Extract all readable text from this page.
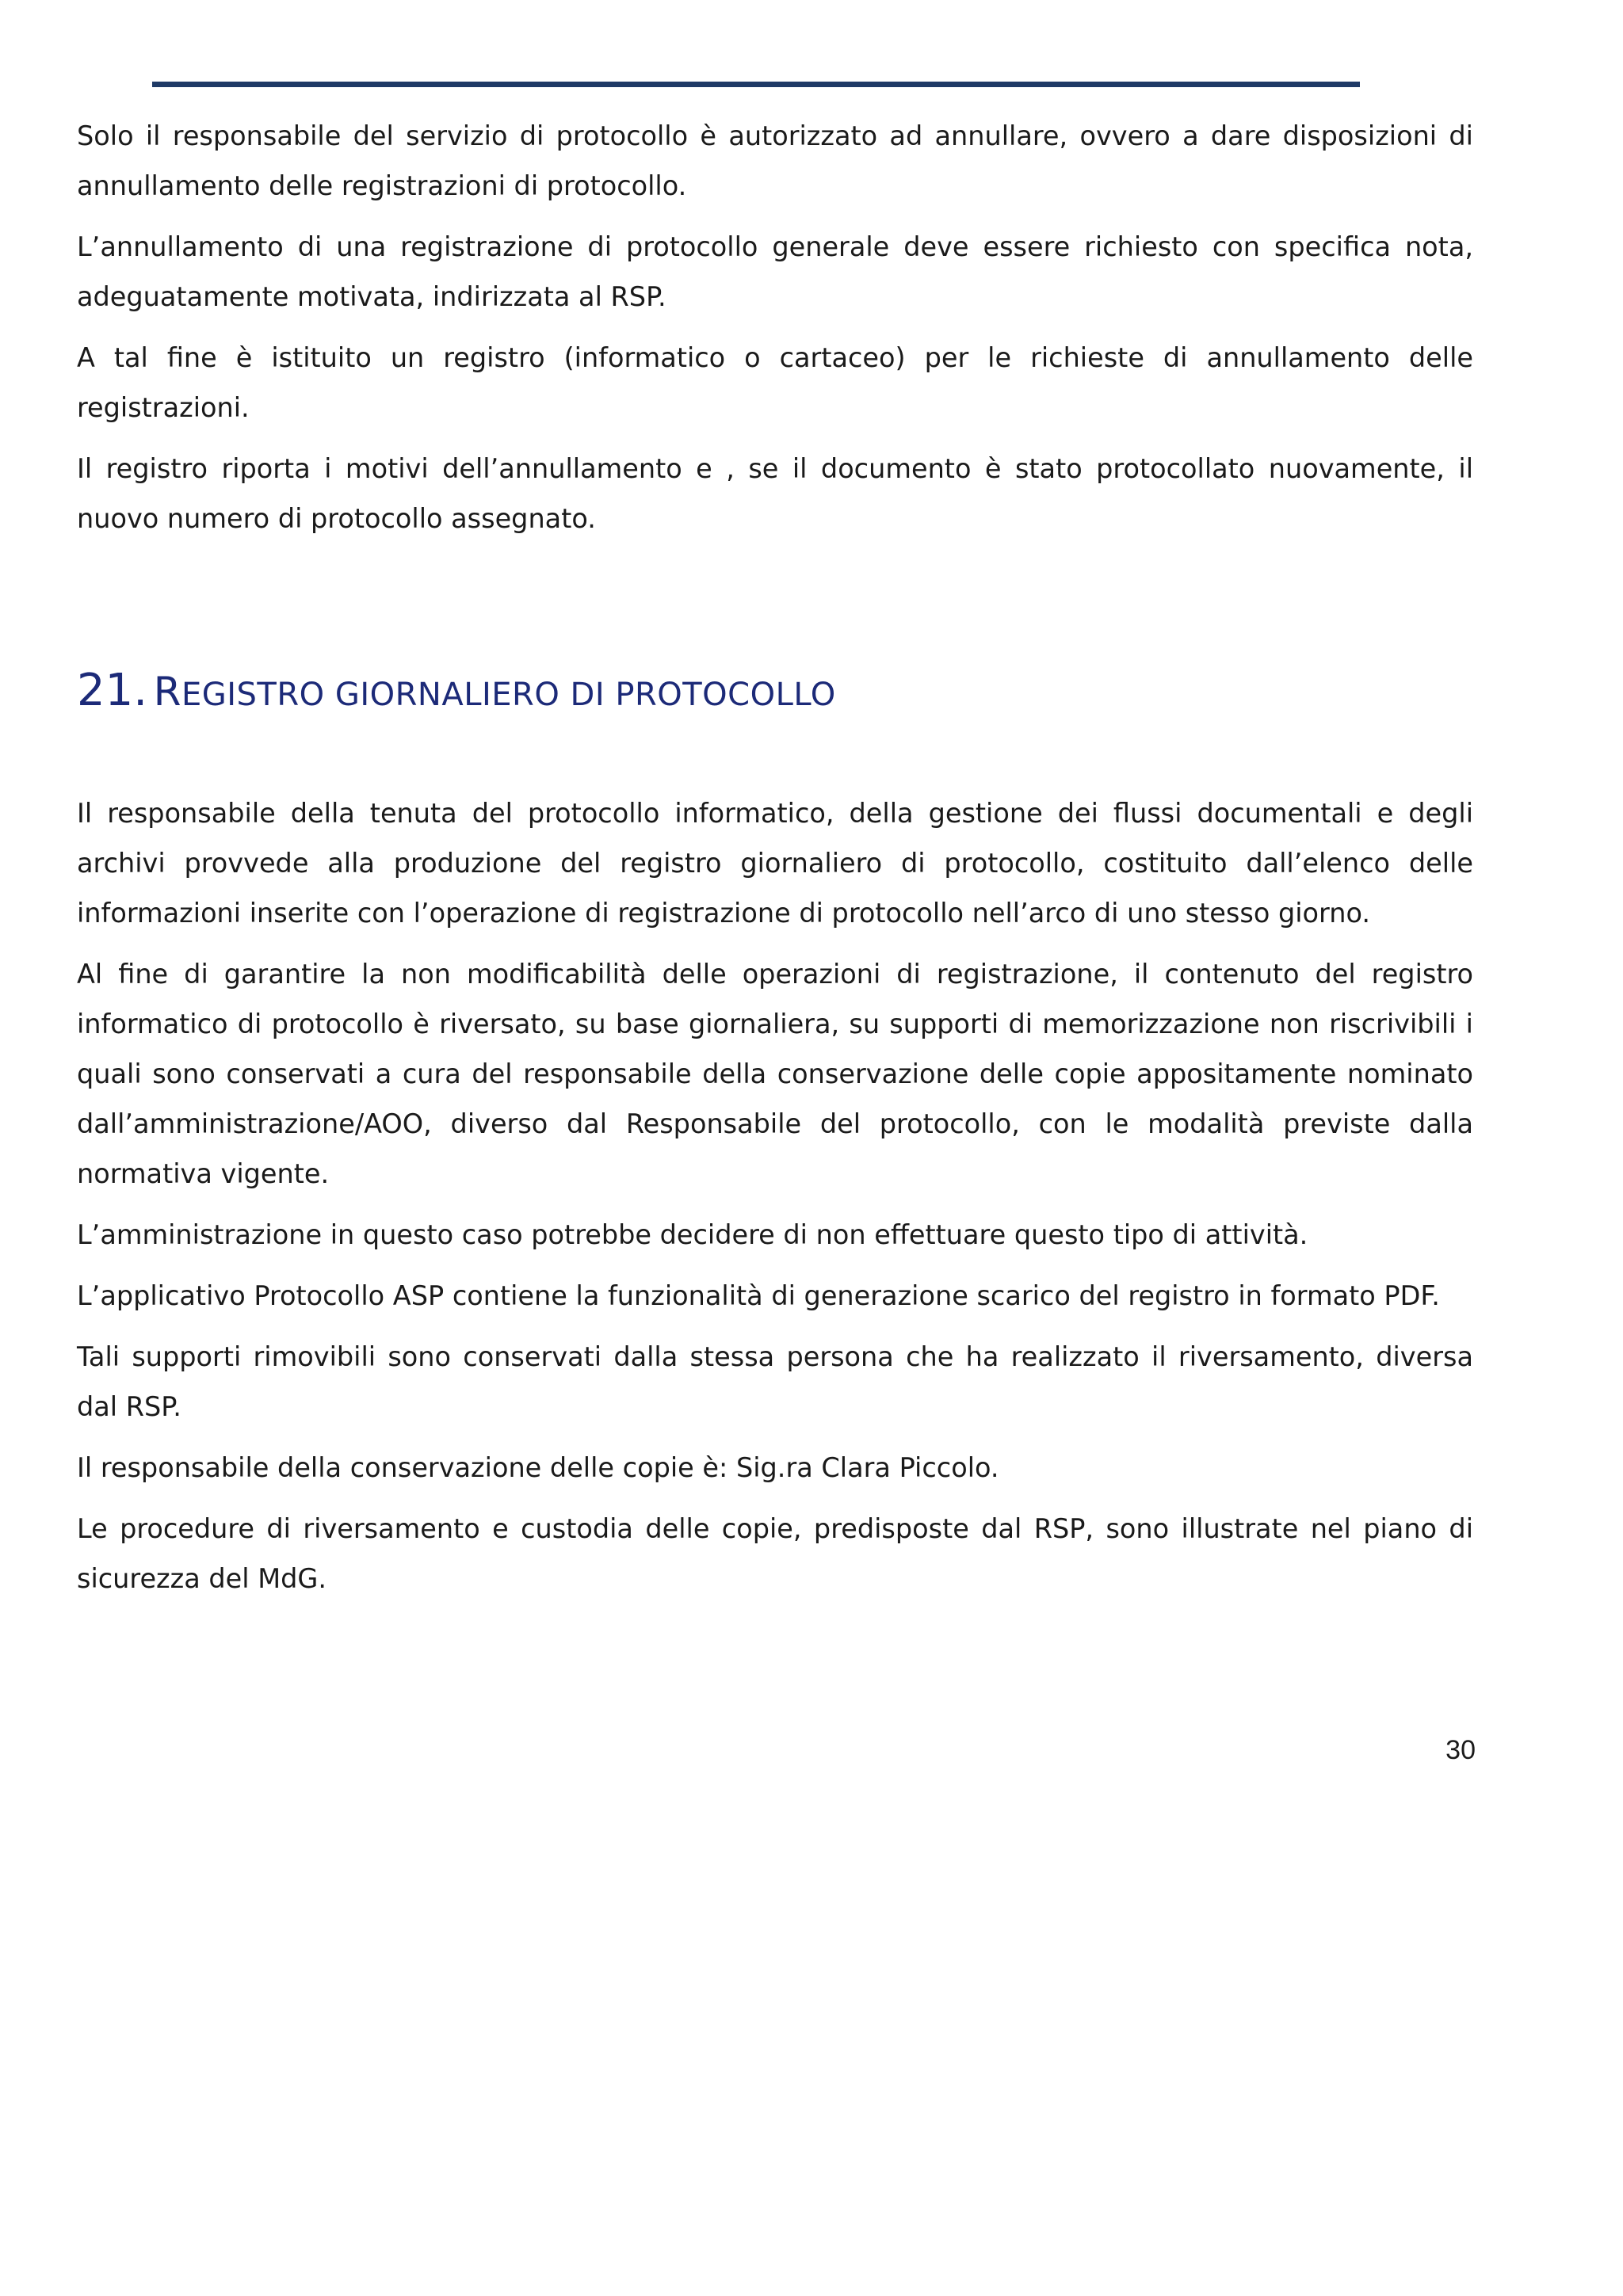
Solo il responsabile del servizio di protocollo è autorizzato ad annullare, ovvero a dare disposizioni di annullamento delle registrazioni di protocollo.

L’annullamento di una registrazione di protocollo generale deve essere richiesto con specifica nota, adeguatamente motivata, indirizzata al RSP.

A tal fine è istituito un registro (informatico o cartaceo) per le richieste di annullamento delle registrazioni.

Il registro riporta i motivi dell’annullamento e , se il documento è stato protocollato nuovamente, il nuovo numero di protocollo assegnato.

21. REGISTRO GIORNALIERO DI PROTOCOLLO

Il responsabile della tenuta del protocollo informatico, della gestione dei flussi documentali e degli archivi provvede alla produzione del registro giornaliero di protocollo, costituito dall’elenco delle informazioni inserite con l’operazione di registrazione di protocollo nell’arco di uno stesso giorno.

Al fine di garantire la non modificabilità delle operazioni di registrazione, il contenuto del registro informatico di protocollo è riversato, su base giornaliera, su supporti di memorizzazione non riscrivibili i quali sono conservati a cura del responsabile della conservazione delle copie appositamente nominato dall’amministrazione/AOO, diverso dal Responsabile del protocollo, con le modalità previste dalla normativa vigente.

L’amministrazione in questo caso potrebbe decidere di non effettuare questo tipo di attività.

L’applicativo Protocollo ASP contiene la funzionalità di generazione scarico del registro in formato PDF.

Tali supporti rimovibili sono conservati dalla stessa persona che ha realizzato il riversamento, diversa dal RSP.

Il responsabile della conservazione delle copie è: Sig.ra Clara Piccolo.

Le procedure di riversamento e custodia delle copie, predisposte dal RSP, sono illustrate nel piano di sicurezza del MdG.

30
